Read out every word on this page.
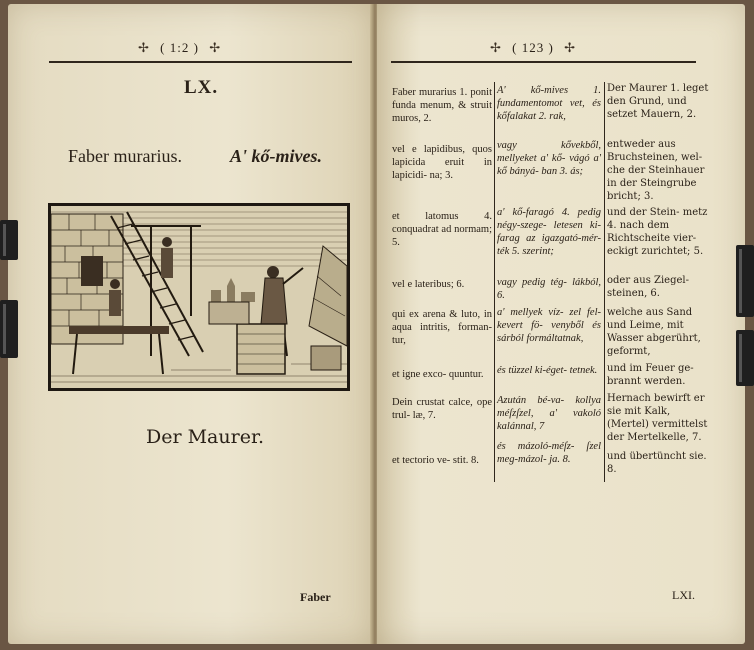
✢ ( 1:2 ) ✢
LX.
Faber murarius.	A' kő-mives.
Der Maurer.
Faber
✢ ( 123 ) ✢
Faber murarius 1. ponit funda menum, & struit muros, 2.
vel e lapidibus, quos lapicida eruit in lapicidi- na; 3.
et latomus 4. conquadrat ad normam; 5.
vel e lateribus; 6.
qui ex arena & luto, in aqua intritis, forman- tur,
et igne exco- quuntur.
Dein crustat calce, ope trul- læ, 7.
et tectorio ve- stit. 8.
A' kő-mives 1. fundamentomot vet, és kőfalakat 2. rak,
vagy kővekből, mellyeket a' kő- vágó a' kő bányá- ban 3. ás;
a' kő-faragó 4. pedig négy-szege- letesen ki-farag az igazgató-mér- ték 5. szerint;
vagy pedig tég- lákból, 6.
a' mellyek víz- zel fel-kevert fö- venyből és sárból formáltatnak,
és tüzzel ki-éget- tetnek.
Azután bé-va- kollya méſzſzel, a' vakoló kalánnal, 7
és mázoló-méſz- ſzel meg-mázol- ja. 8.
Der Maurer 1. leget den Grund, und setzet Mauern, 2.
entweder aus Bruchsteinen, wel- che der Steinhauer in der Steingrube bricht; 3.
und der Stein- metz 4. nach dem Richtscheite vier- eckigt zurichtet; 5.
oder aus Ziegel- steinen, 6.
welche aus Sand und Leime, mit Wasser abgerührt, geformt,
und im Feuer ge- brannt werden.
Hernach bewirft er sie mit Kalk, (Mertel) vermittelst der Mertelkelle, 7.
und übertüncht sie. 8.
LXI.
